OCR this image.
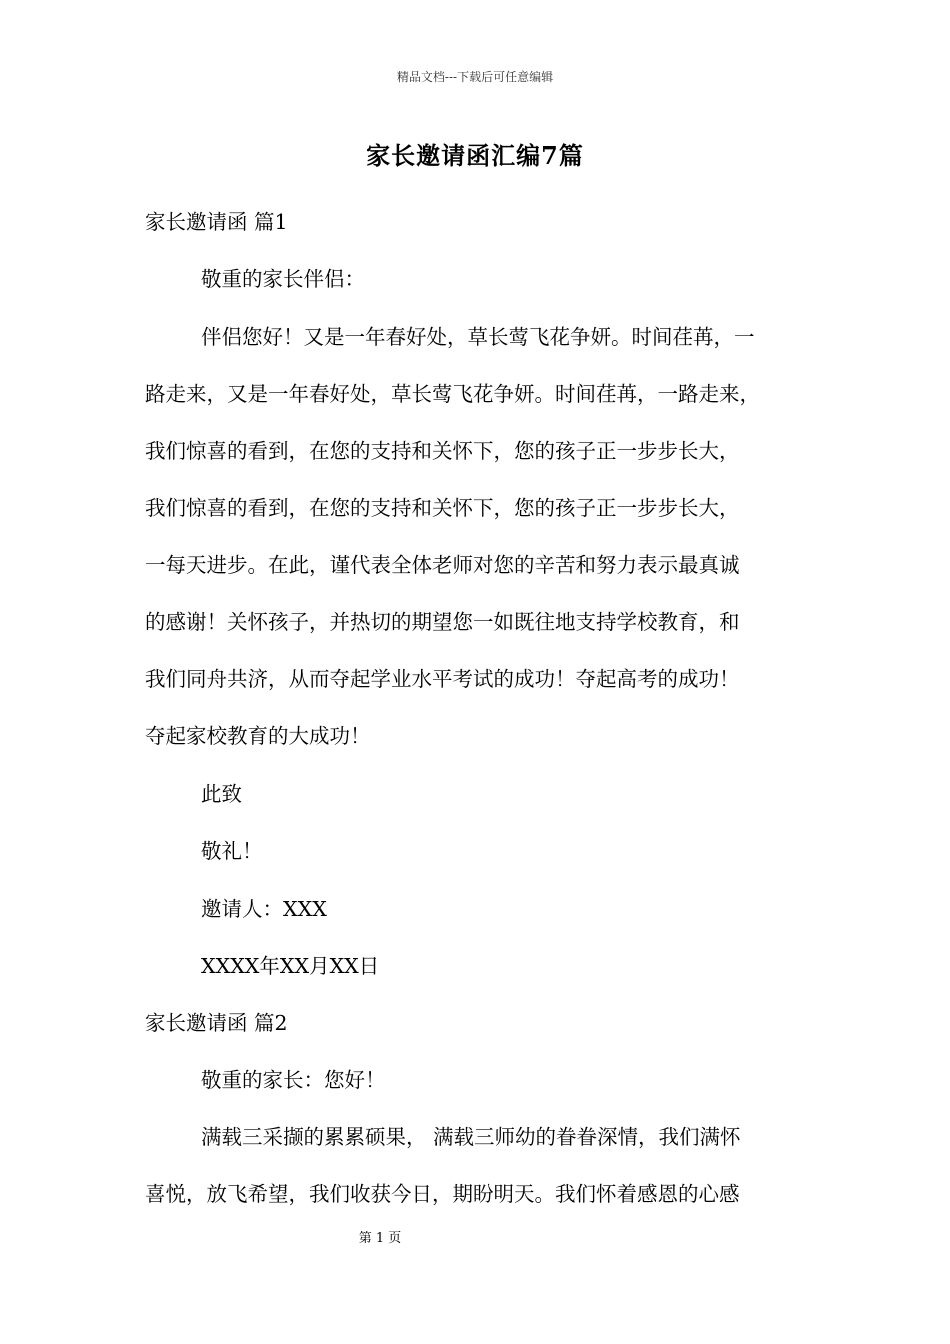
精品文档---下载后可任意编辑
家长邀请函汇编7篇
家长邀请函 篇1
敬重的家长伴侣：
伴侣您好！又是一年春好处，草长莺飞花争妍。时间荏苒，一
路走来，又是一年春好处，草长莺飞花争妍。时间荏苒，一路走来，
我们惊喜的看到，在您的支持和关怀下，您的孩子正一步步长大，
我们惊喜的看到，在您的支持和关怀下，您的孩子正一步步长大，
一每天进步。在此，谨代表全体老师对您的辛苦和努力表示最真诚
的感谢！关怀孩子，并热切的期望您一如既往地支持学校教育，和
我们同舟共济，从而夺起学业水平考试的成功！夺起高考的成功！
夺起家校教育的大成功！
此致
敬礼！
邀请人：XXX
XXXX年XX月XX日
家长邀请函 篇2
敬重的家长：您好！
满载三采撷的累累硕果， 满载三师幼的眷眷深情，我们满怀
喜悦，放飞希望，我们收获今日，期盼明天。我们怀着感恩的心感
第 1 页
